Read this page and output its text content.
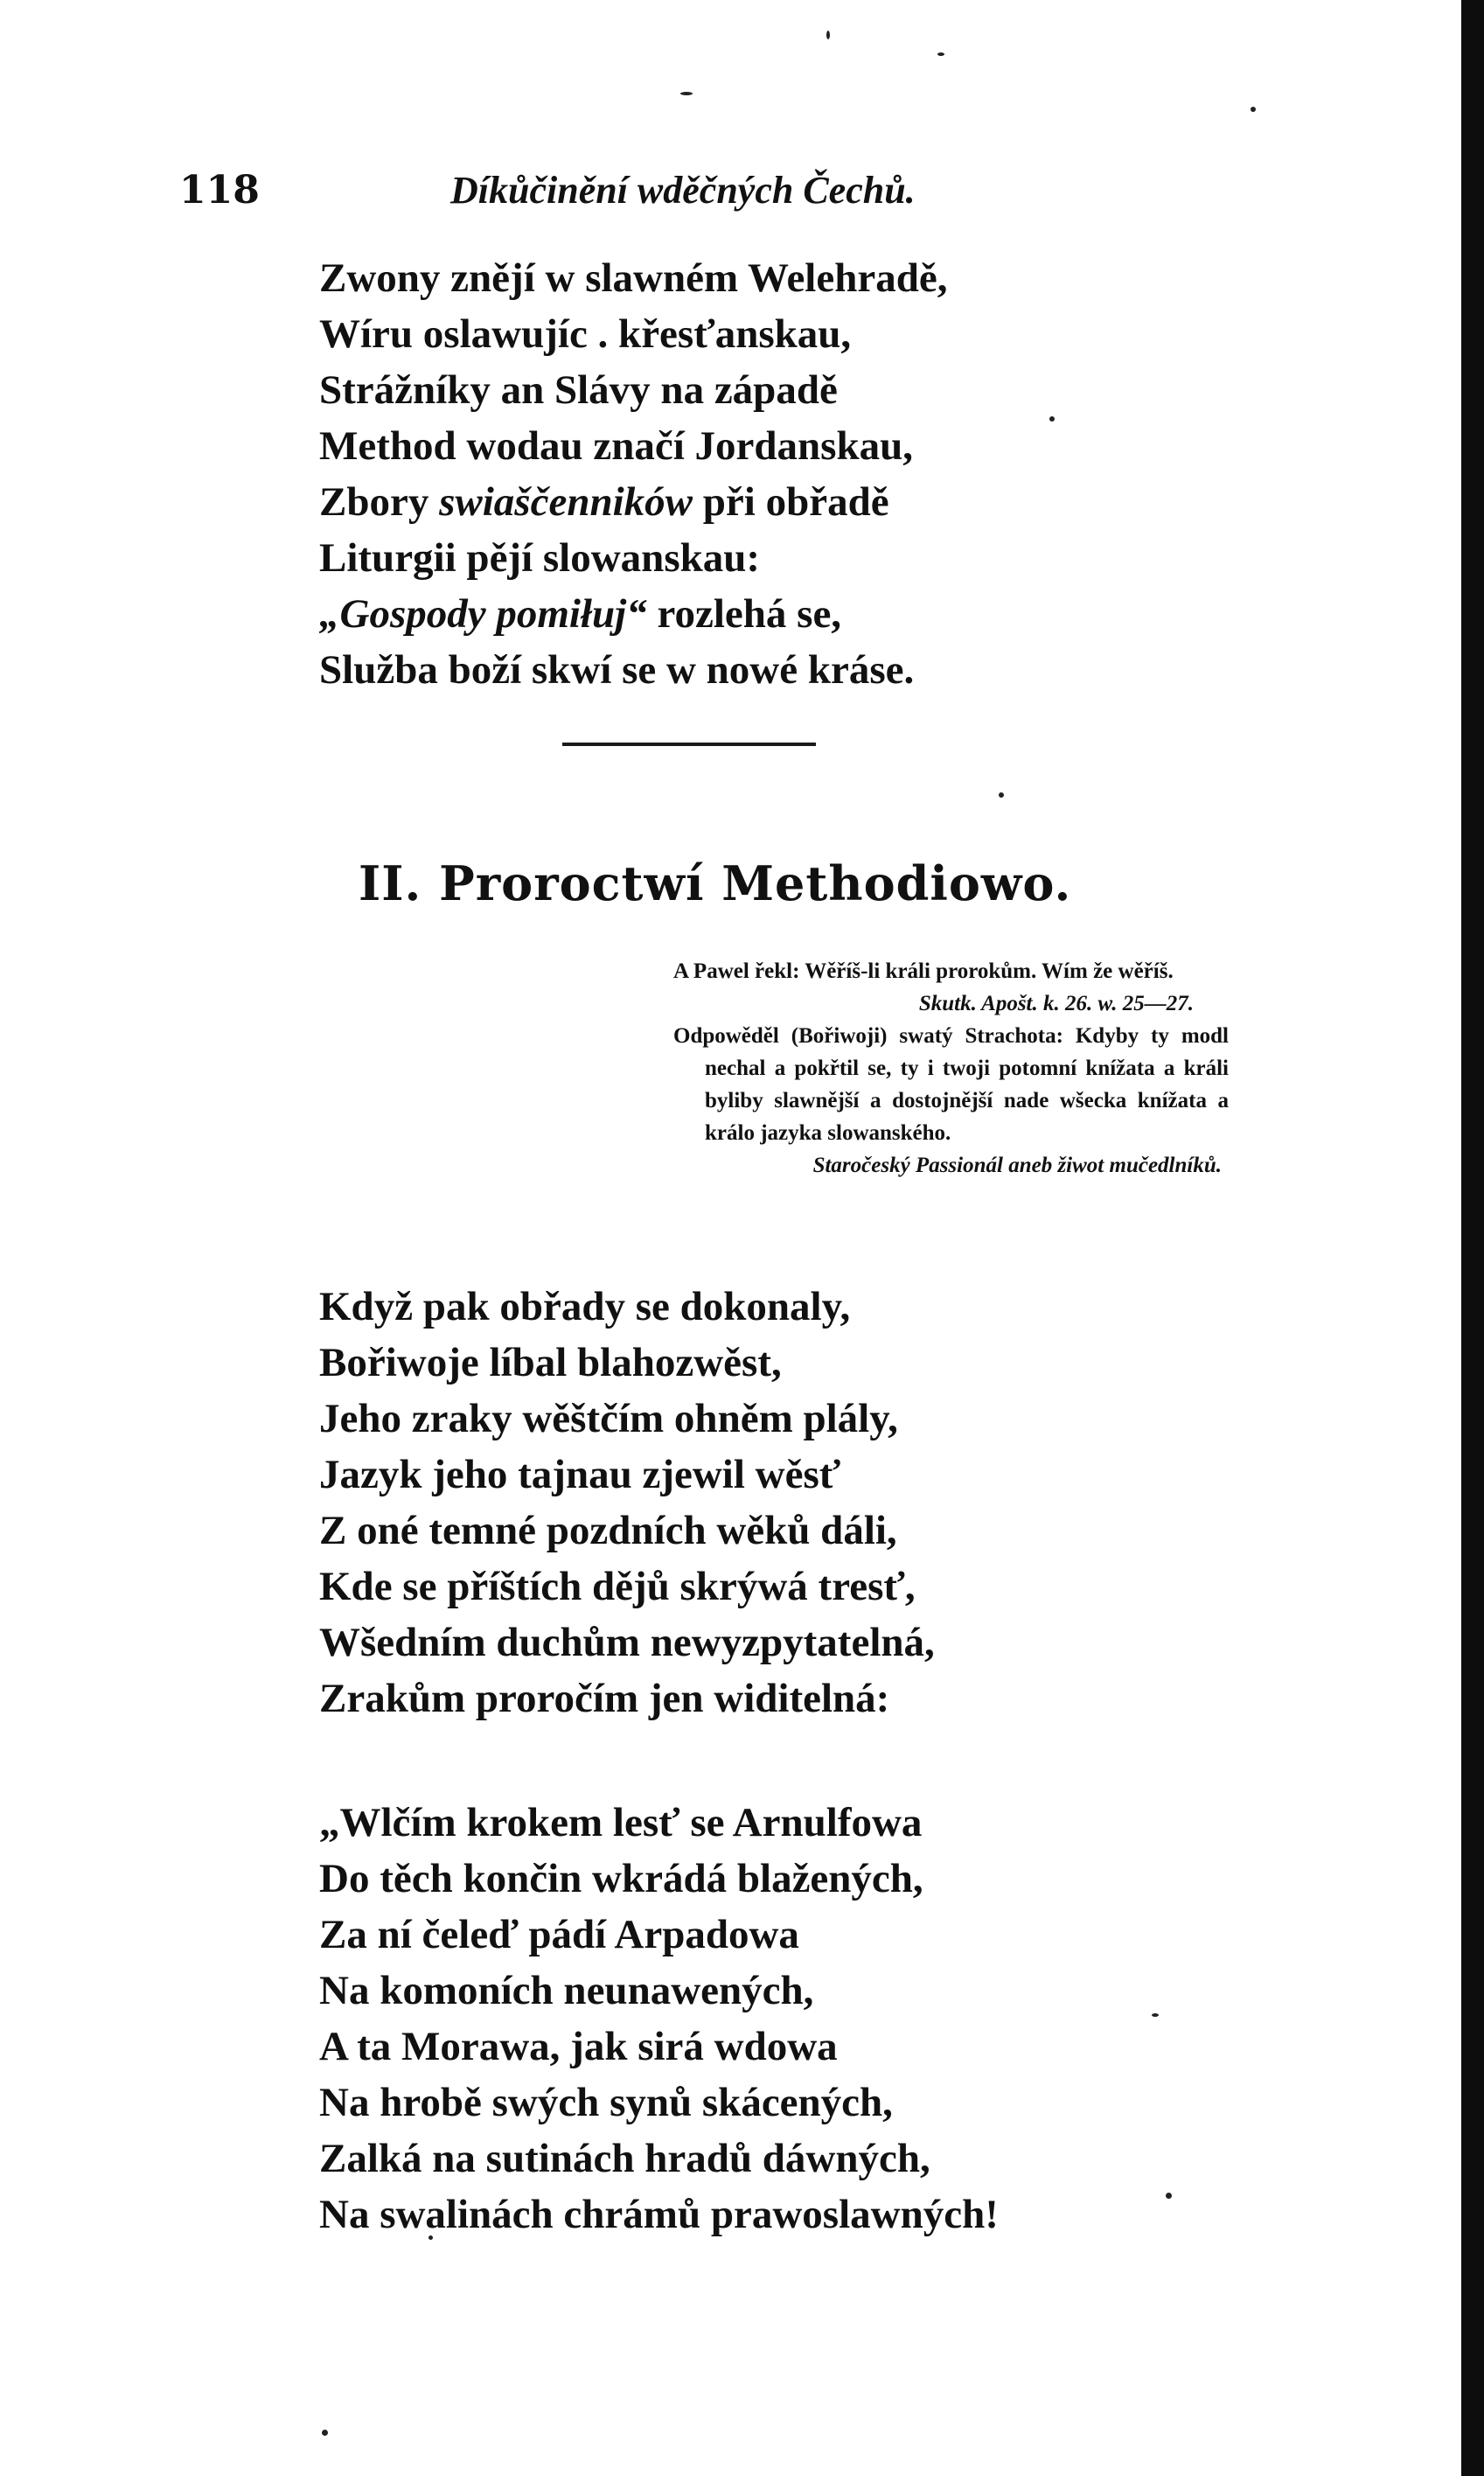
118	Díkůčinění wděčných Čechů.
Zwony znějí w slawném Welehradě,
Wíru oslawujíc . křesťanskau,
Strážníky an Slávy na západě
Method wodau značí Jordanskau,
Zbory swiaščenników při obřadě
Liturgii pějí slowanskau:
„Gospody pomiłuj“ rozlehá se,
Služba boží skwí se w nowé kráse.
II. Proroctwí Methodiowo.

A Pawel řekl: Wěříš-li králi prorokům. Wím že wěříš.

Skutk. Apošt. k. 26. w. 25—27.

Odpowěděl (Bořiwoji) swatý Strachota: Kdyby ty modl nechal a pokřtil se, ty i twoji potomní knížata a králi byliby slawnější a dostojnější nade wšecka knížata a králo jazyka slowanského.

Staročeský Passionál aneb žiwot mučedlníků.

Když pak obřady se dokonaly,
Bořiwoje líbal blahozwěst,
Jeho zraky wěštčím ohněm plály,
Jazyk jeho tajnau zjewil wěsť
Z oné temné pozdních wěků dáli,
Kde se příštích dějů skrýwá tresť,
Wšedním duchům newyzpytatelná,
Zrakům proročím jen widitelná:
„Wlčím krokem lesť se Arnulfowa
Do těch končin wkrádá blažených,
Za ní čeleď pádí Arpadowa
Na komoních neunawených,
A ta Morawa, jak sirá wdowa
Na hrobě swých synů skácených,
Zalká na sutinách hradů dáwných,
Na swalinách chrámů prawoslawných!
